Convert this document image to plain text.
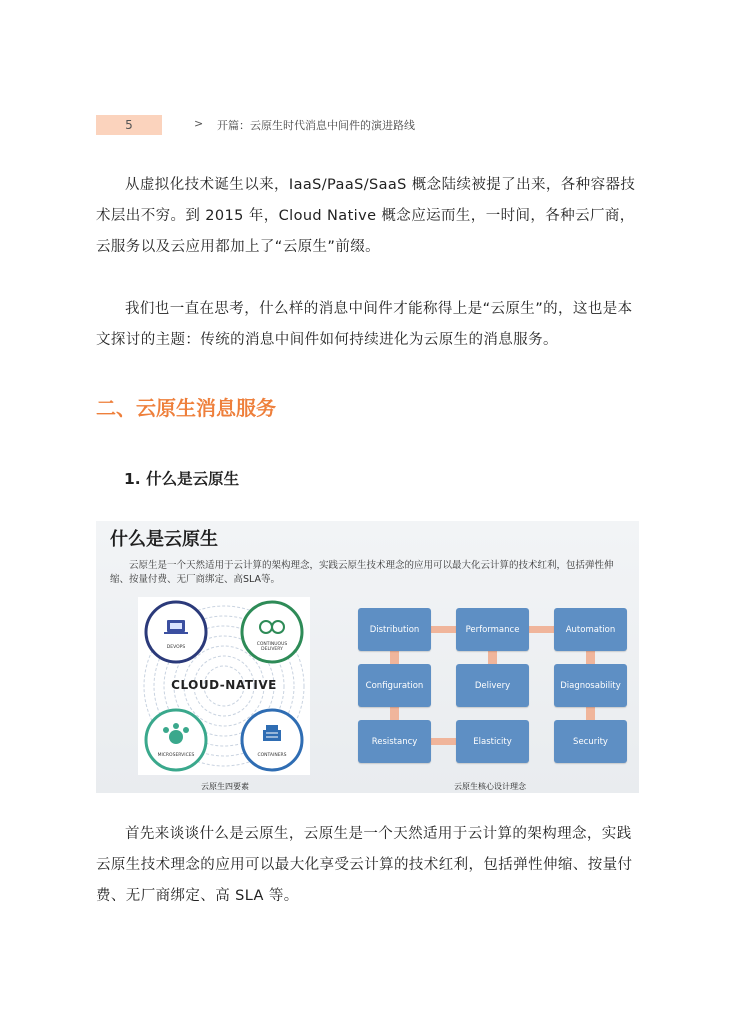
5	> 开篇：云原生时代消息中间件的演进路线

从虚拟化技术诞生以来，IaaS/PaaS/SaaS 概念陆续被提了出来，各种容器技术层出不穷。到 2015 年，Cloud Native 概念应运而生，一时间，各种云厂商，云服务以及云应用都加上了“云原生”前缀。

我们也一直在思考，什么样的消息中间件才能称得上是“云原生”的，这也是本文探讨的主题：传统的消息中间件如何持续进化为云原生的消息服务。

二、云原生消息服务
1. 什么是云原生
什么是云原生
云原生是一个天然适用于云计算的架构理念，实践云原生技术理念的应用可以最大化云计算的技术红利，包括弹性伸缩、按量付费、无厂商绑定、高SLA等。
DEVOPS
CONTINUOUS DELIVERY
MICROSERVICES	CONTAINERS
CLOUD-NATIVE
Distribution	Performance	Automation
Configuration	Delivery	Diagnosability
Resistancy	Elasticity	Security
云原生四要素	云原生核心设计理念

首先来谈谈什么是云原生，云原生是一个天然适用于云计算的架构理念，实践云原生技术理念的应用可以最大化享受云计算的技术红利，包括弹性伸缩、按量付费、无厂商绑定、高 SLA 等。
